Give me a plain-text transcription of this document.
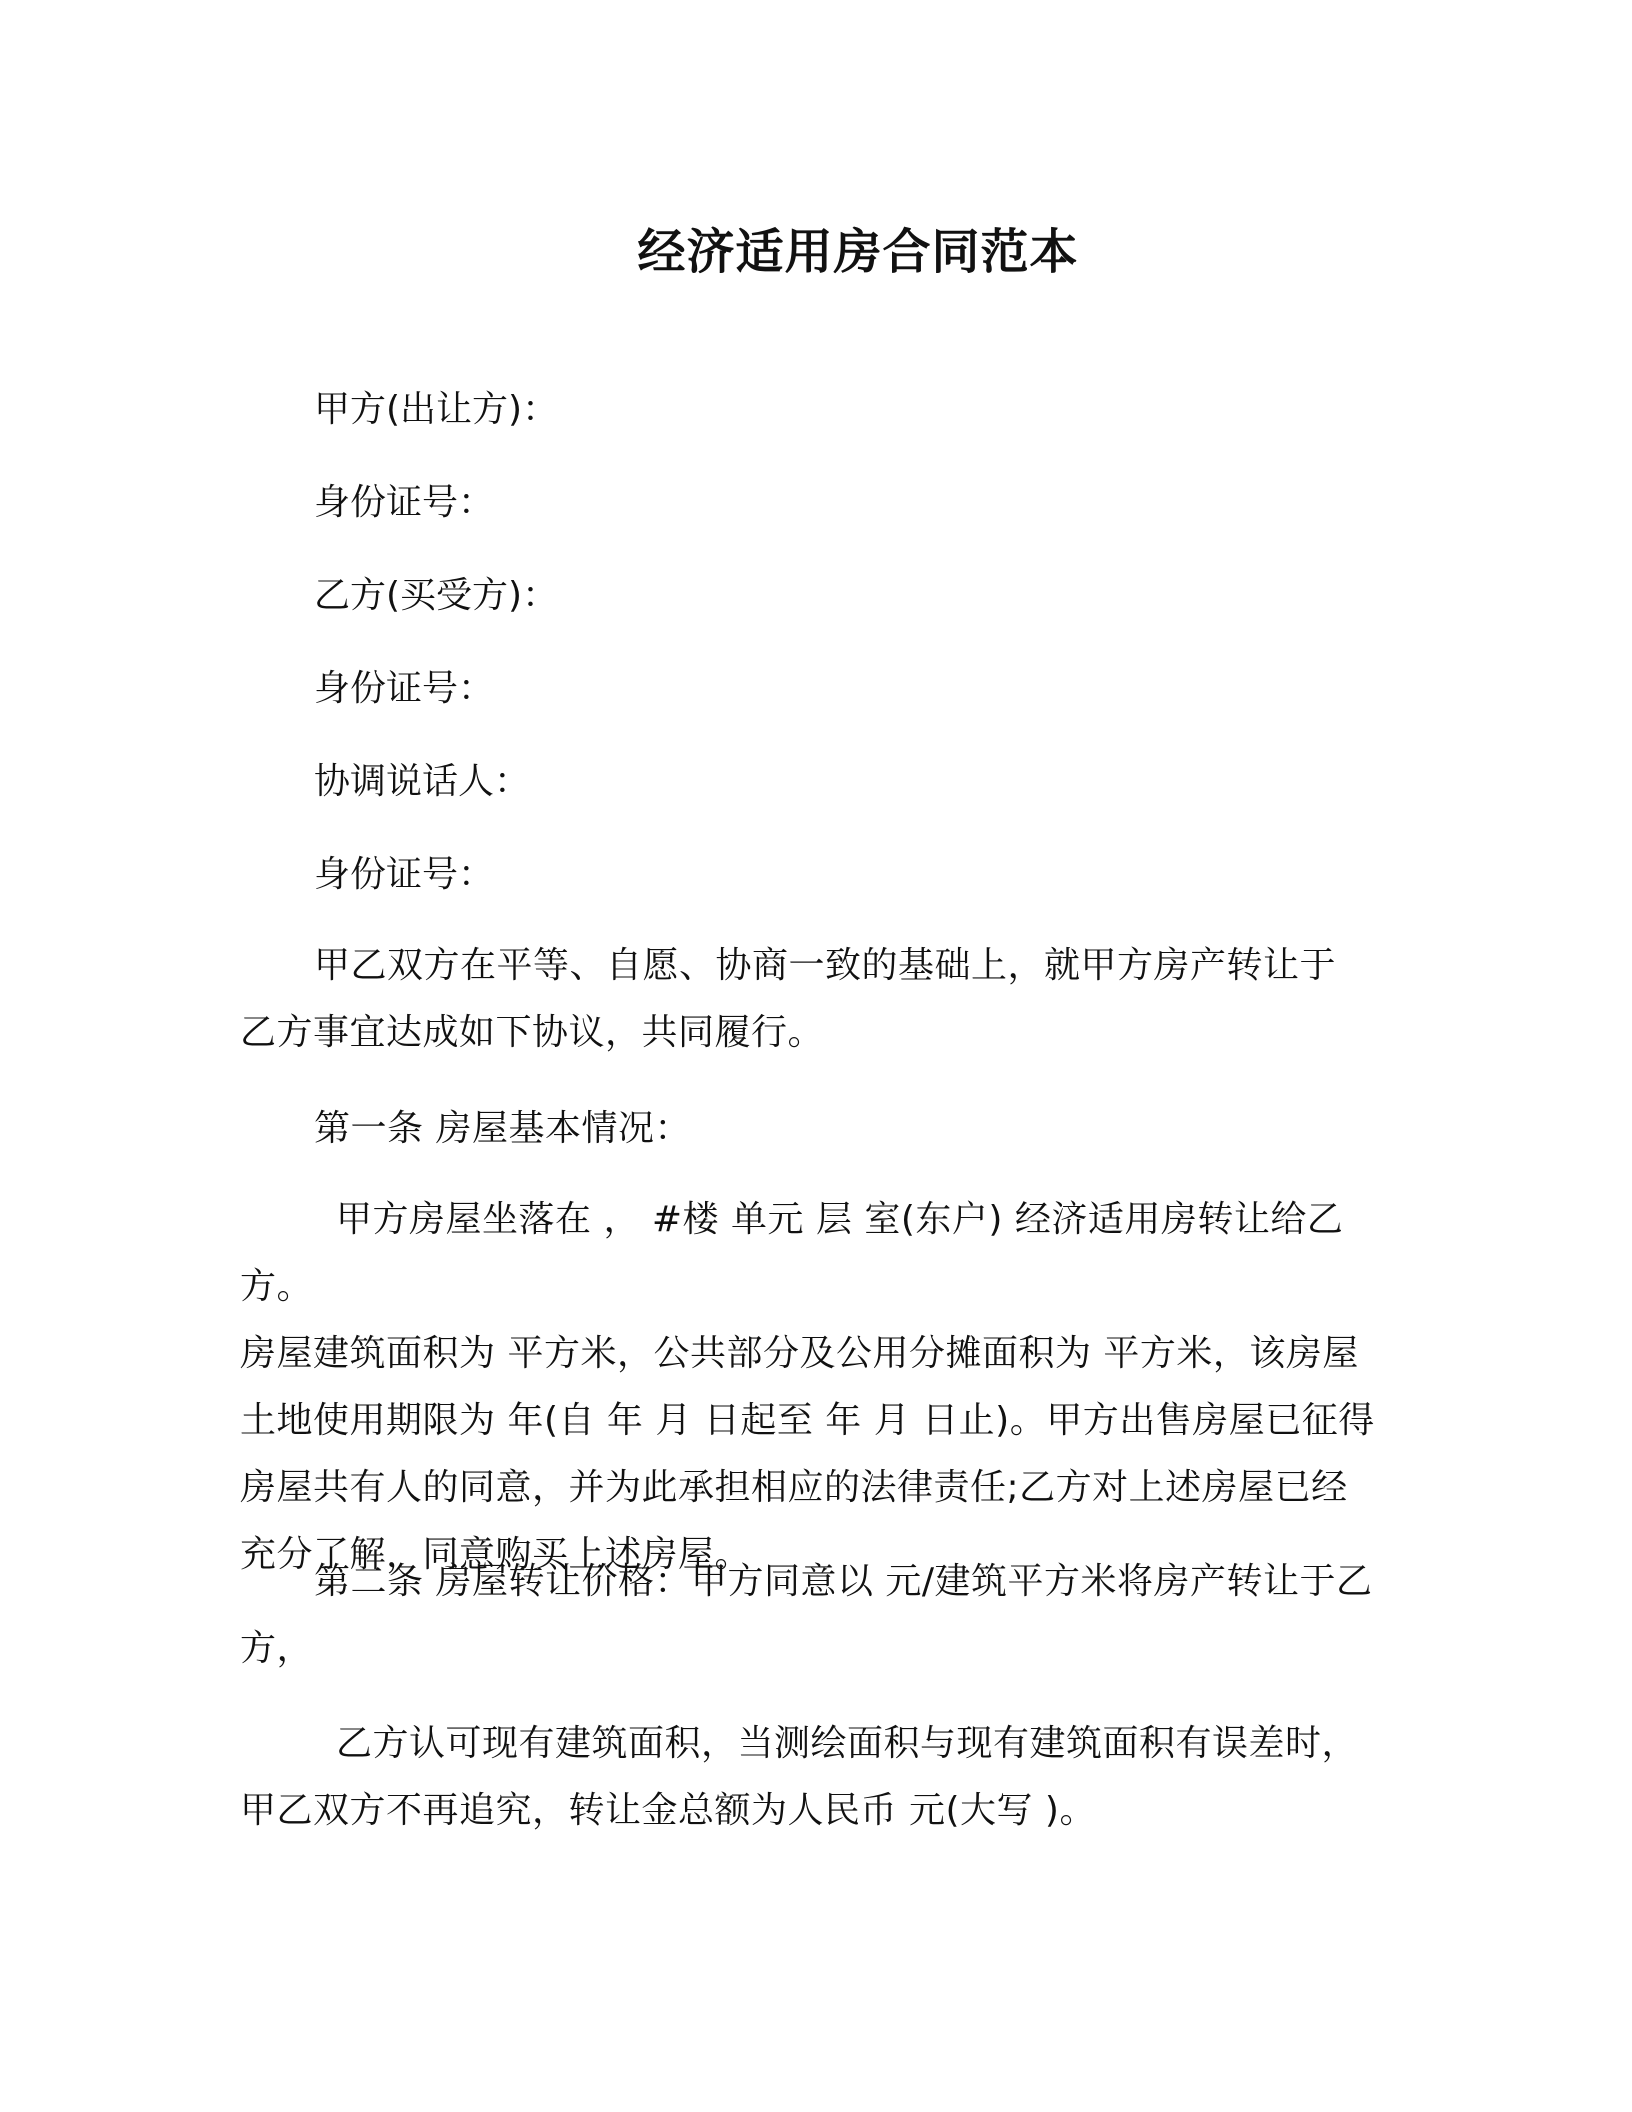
经济适用房合同范本
甲方(出让方)：
身份证号：
乙方(买受方)：
身份证号：
协调说话人：
身份证号：
甲乙双方在平等、自愿、协商一致的基础上，就甲方房产转让于
乙方事宜达成如下协议，共同履行。
第一条 房屋基本情况：
甲方房屋坐落在 ， #楼 单元 层 室(东户) 经济适用房转让给乙方。
房屋建筑面积为 平方米，公共部分及公用分摊面积为 平方米，该房屋
土地使用期限为 年(自 年 月 日起至 年 月 日止)。甲方出售房屋已征得
房屋共有人的同意，并为此承担相应的法律责任;乙方对上述房屋已经
充分了解，同意购买上述房屋。
第二条 房屋转让价格：甲方同意以 元/建筑平方米将房产转让于乙
方，
乙方认可现有建筑面积，当测绘面积与现有建筑面积有误差时，
甲乙双方不再追究，转让金总额为人民币 元(大写 )。
